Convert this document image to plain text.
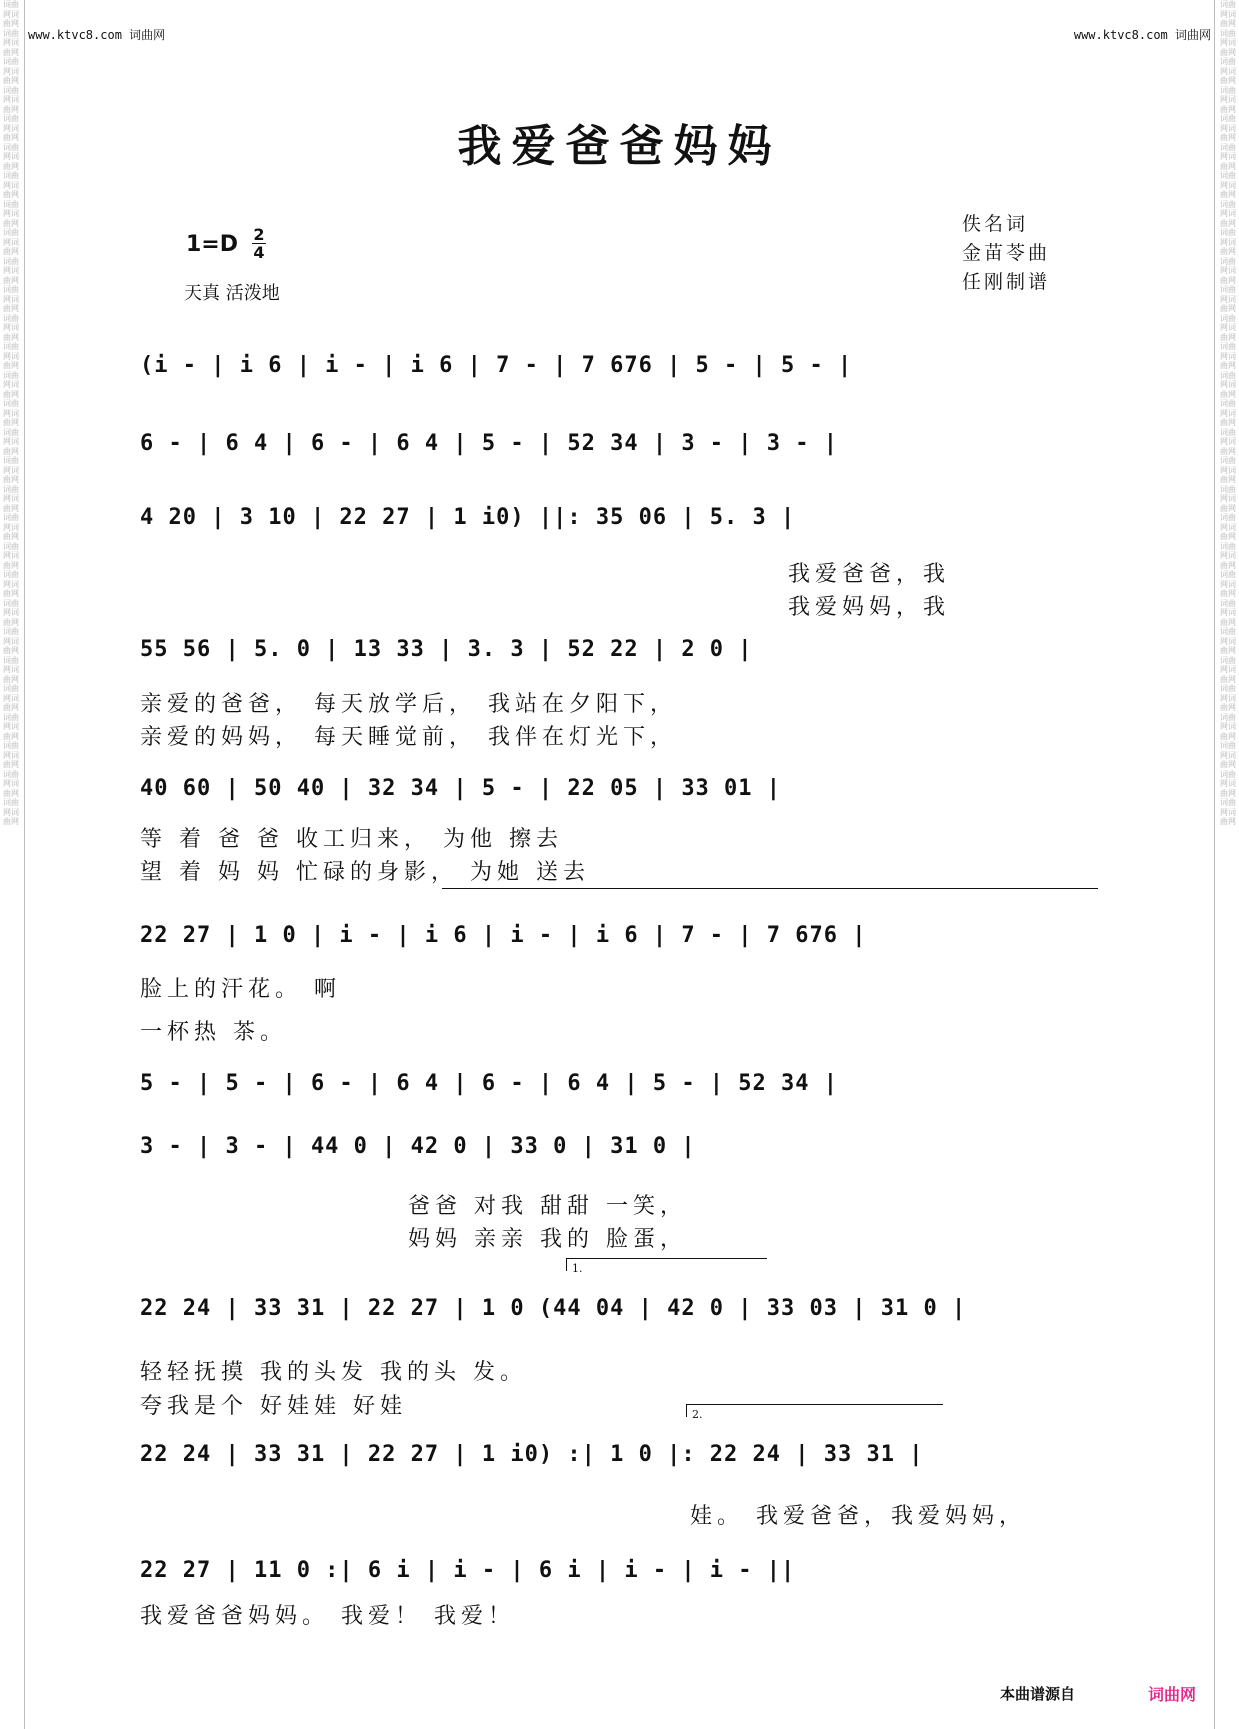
词曲网词曲网词曲网词曲网词曲网词曲网词曲网词曲网词曲网词曲网词曲网词曲网词曲网词曲网词曲网词曲网词曲网词曲网词曲网词曲网词曲网词曲网词曲网词曲网词曲网词曲网词曲网词曲网词曲网词曲网词曲网词曲网词曲网词曲网词曲网词曲网词曲网词曲网词曲网词曲网词曲网词曲网词曲网词曲网词曲网词曲网词曲网词曲网词曲网词曲网词曲网词曲网词曲网词曲网词曲网词曲网词曲网词曲网
词曲网词曲网词曲网词曲网词曲网词曲网词曲网词曲网词曲网词曲网词曲网词曲网词曲网词曲网词曲网词曲网词曲网词曲网词曲网词曲网词曲网词曲网词曲网词曲网词曲网词曲网词曲网词曲网词曲网词曲网词曲网词曲网词曲网词曲网词曲网词曲网词曲网词曲网词曲网词曲网词曲网词曲网词曲网词曲网词曲网词曲网词曲网词曲网词曲网词曲网词曲网词曲网词曲网词曲网词曲网词曲网词曲网词曲网
www.ktvc8.com 词曲网	www.ktvc8.com 词曲网
我爱爸爸妈妈
1=D 2
4
天真 活泼地
佚名词
金苗苓曲
任刚制谱
(i - | i 6 | i - | i 6 | 7 - | 7 676 | 5 - | 5 - |
6 - | 6 4 | 6 - | 6 4 | 5 - | 52 34 | 3 - | 3 - |
4 20 | 3 10 | 22 27 | 1 i0) ||: 35 06 | 5. 3 |
我爱爸爸，我
我爱妈妈，我
55 56 | 5. 0 | 13 33 | 3. 3 | 52 22 | 2 0 |
亲爱的爸爸， 每天放学后， 我站在夕阳下，
亲爱的妈妈， 每天睡觉前， 我伴在灯光下，
40 60 | 50 40 | 32 34 | 5 - | 22 05 | 33 01 |
等 着 爸 爸 收工归来， 为他 擦去
望 着 妈 妈 忙碌的身影， 为她 送去
22 27 | 1 0 | i - | i 6 | i - | i 6 | 7 - | 7 676 |
脸上的汗花。 啊
一杯热 茶。
5 - | 5 - | 6 - | 6 4 | 6 - | 6 4 | 5 - | 52 34 |
3 - | 3 - | 44 0 | 42 0 | 33 0 | 31 0 |
爸爸 对我 甜甜 一笑，
妈妈 亲亲 我的 脸蛋，
1.
22 24 | 33 31 | 22 27 | 1 0 (44 04 | 42 0 | 33 03 | 31 0 |
轻轻抚摸 我的头发 我的头 发。
夸我是个 好娃娃 好娃	2.
22 24 | 33 31 | 22 27 | 1 i0) :| 1 0 |: 22 24 | 33 31 |
娃。 我爱爸爸，我爱妈妈，
22 27 | 11 0 :| 6 i | i - | 6 i | i - | i - ||
我爱爸爸妈妈。 我爱！ 我爱！
本曲谱源自	词曲网
